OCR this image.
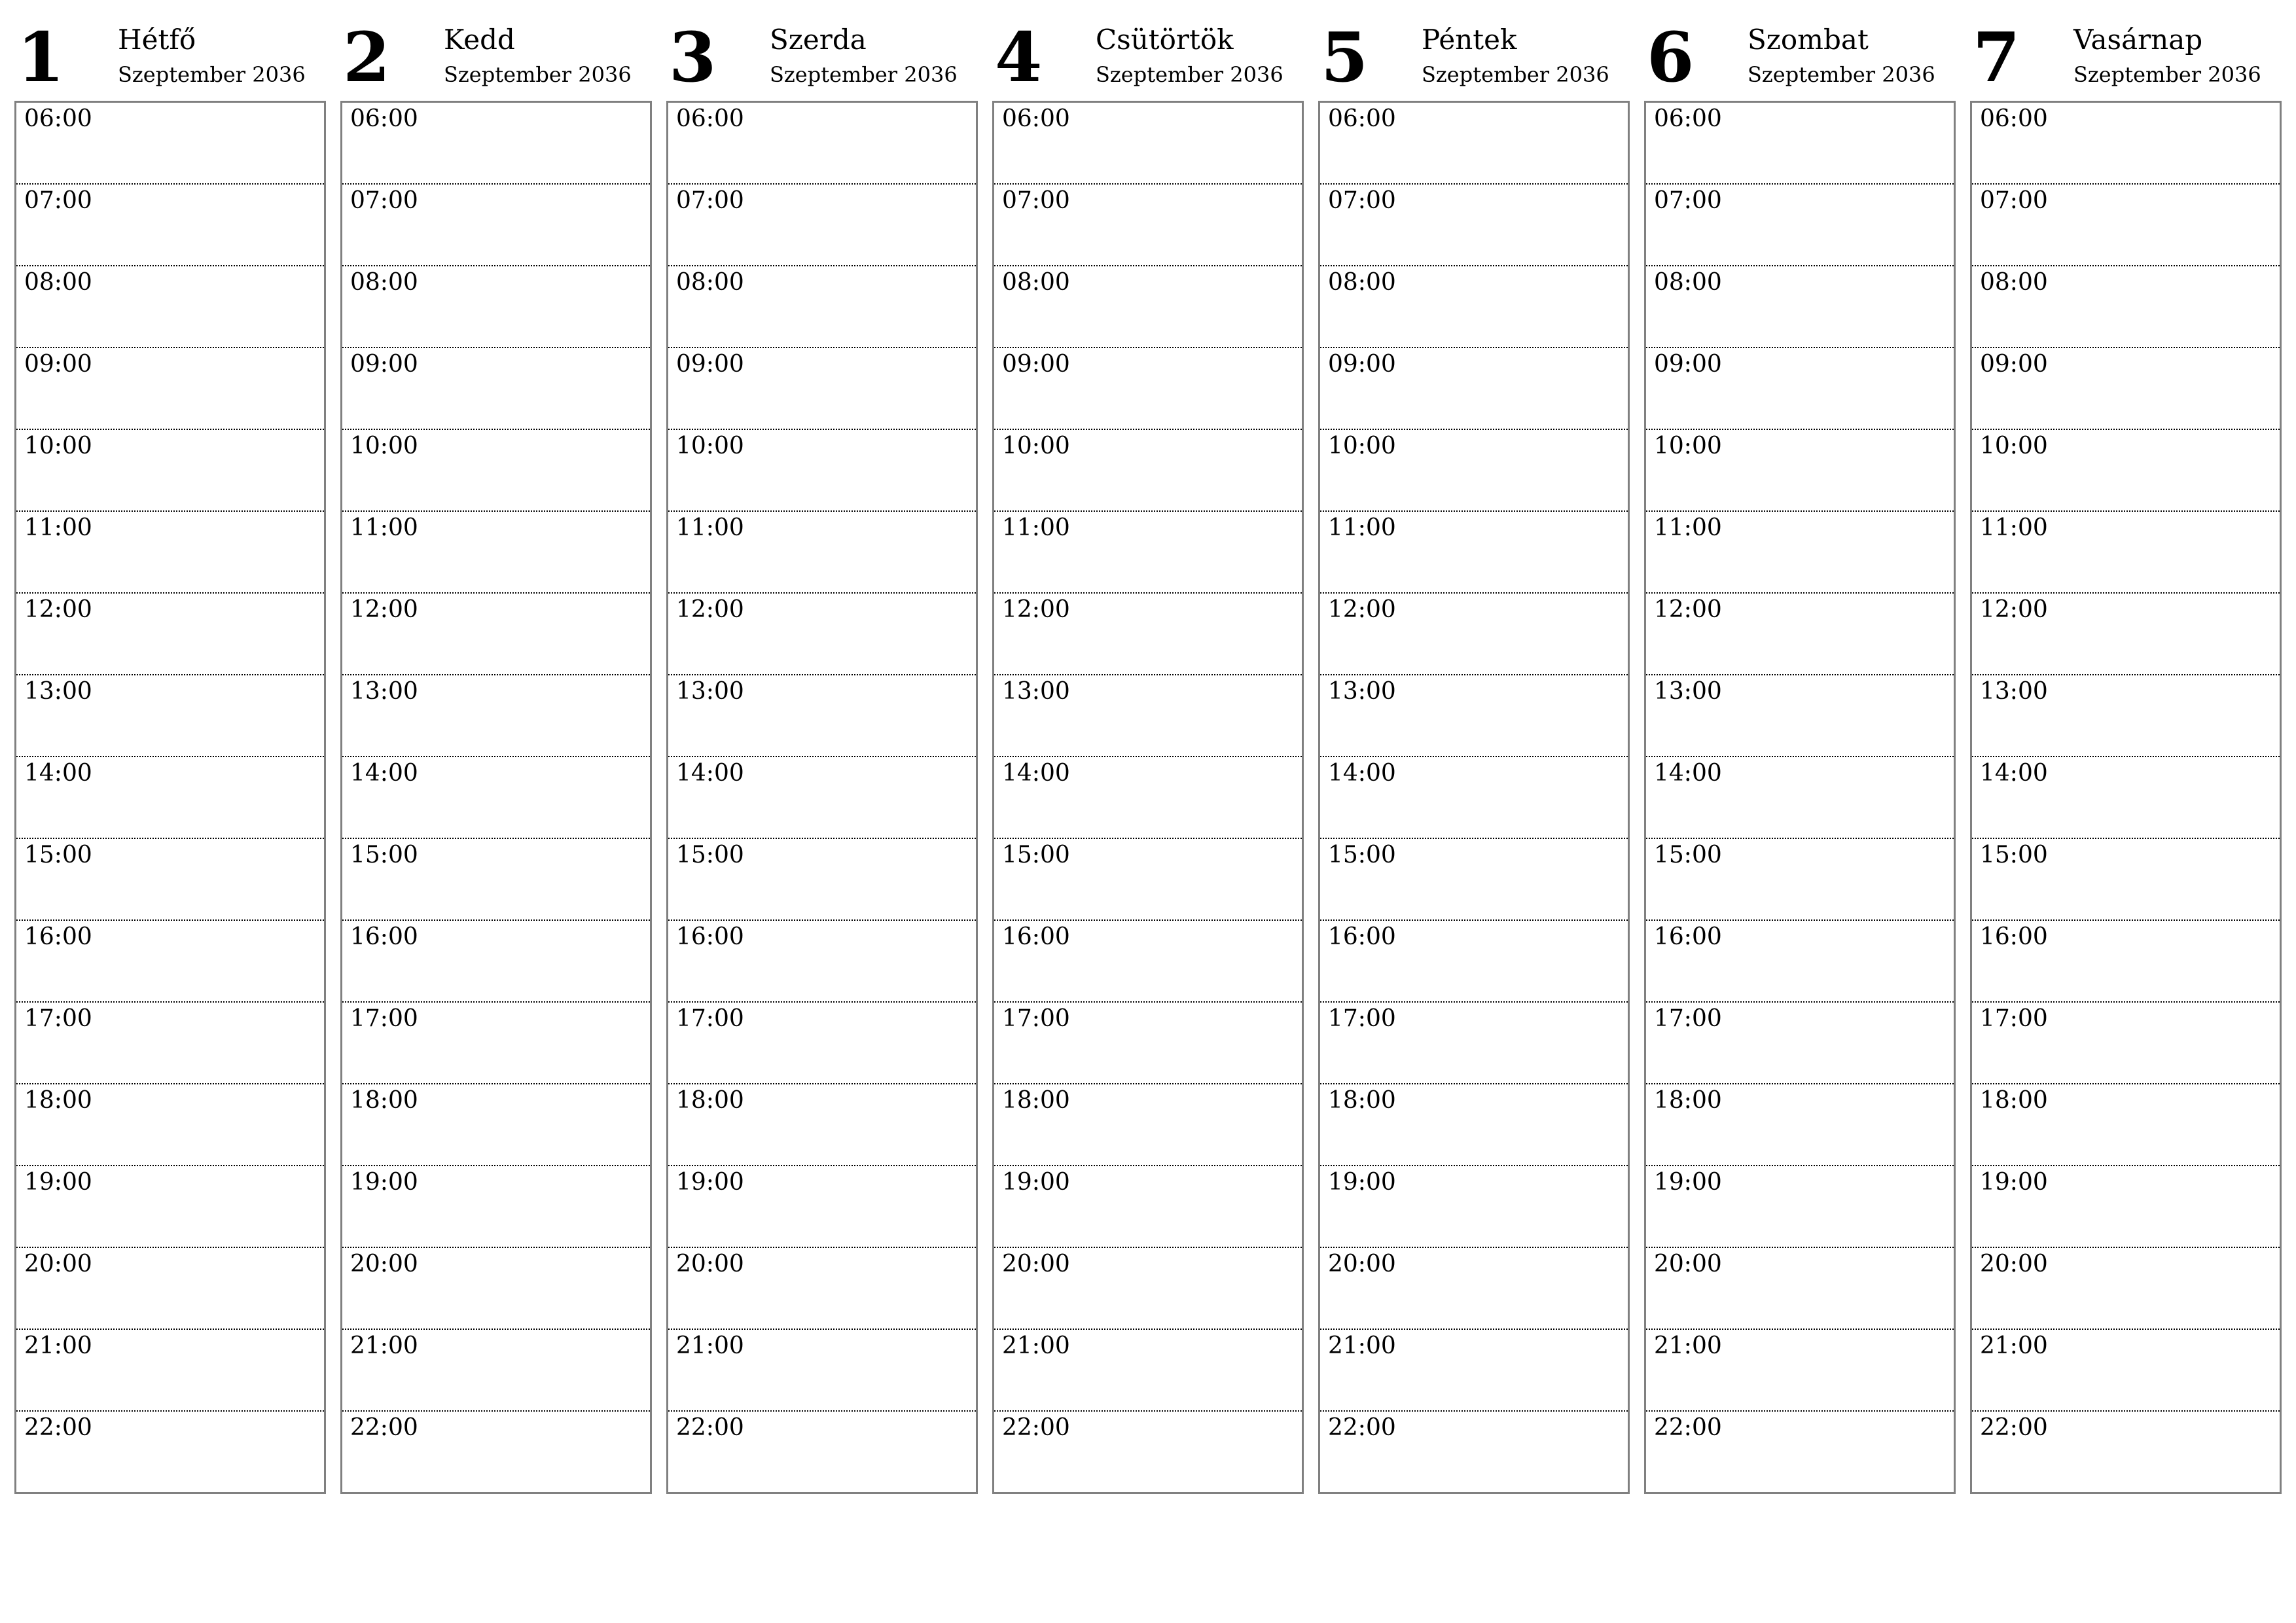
1 Hétfő
Szeptember 2036
06:00
07:00
08:00
09:00
10:00
11:00
12:00
13:00
14:00
15:00
16:00
17:00
18:00
19:00
20:00
21:00
22:00
2 Kedd
Szeptember 2036
06:00
07:00
08:00
09:00
10:00
11:00
12:00
13:00
14:00
15:00
16:00
17:00
18:00
19:00
20:00
21:00
22:00
3 Szerda
Szeptember 2036
06:00
07:00
08:00
09:00
10:00
11:00
12:00
13:00
14:00
15:00
16:00
17:00
18:00
19:00
20:00
21:00
22:00
4 Csütörtök
Szeptember 2036
06:00
07:00
08:00
09:00
10:00
11:00
12:00
13:00
14:00
15:00
16:00
17:00
18:00
19:00
20:00
21:00
22:00
5 Péntek
Szeptember 2036
06:00
07:00
08:00
09:00
10:00
11:00
12:00
13:00
14:00
15:00
16:00
17:00
18:00
19:00
20:00
21:00
22:00
6 Szombat
Szeptember 2036
06:00
07:00
08:00
09:00
10:00
11:00
12:00
13:00
14:00
15:00
16:00
17:00
18:00
19:00
20:00
21:00
22:00
7 Vasárnap
Szeptember 2036
06:00
07:00
08:00
09:00
10:00
11:00
12:00
13:00
14:00
15:00
16:00
17:00
18:00
19:00
20:00
21:00
22:00
